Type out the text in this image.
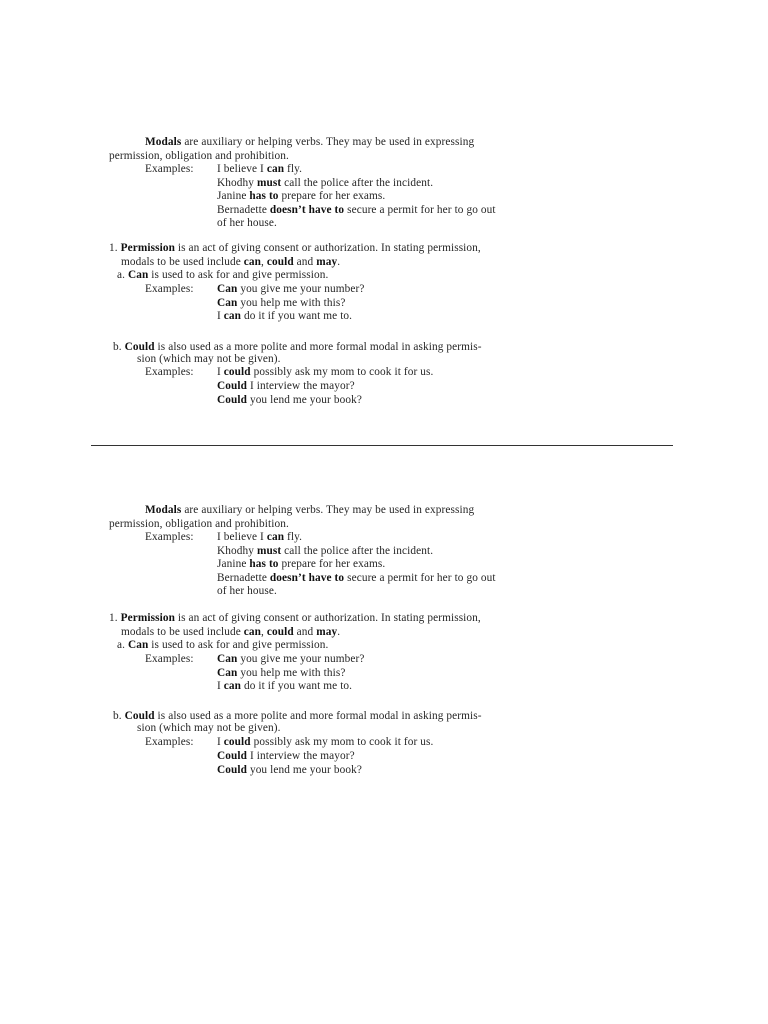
Modals are auxiliary or helping verbs. They may be used in expressing
permission, obligation and prohibition.
Examples: I believe I can fly.
Khodhy must call the police after the incident.
Janine has to prepare for her exams.
Bernadette doesn’t have to secure a permit for her to go out
of her house.
1. Permission is an act of giving consent or authorization. In stating permission,
modals to be used include can, could and may.
a. Can is used to ask for and give permission.
Examples: Can you give me your number?
Can you help me with this?
I can do it if you want me to.
b. Could is also used as a more polite and more formal modal in asking permis-
sion (which may not be given).
Examples: I could possibly ask my mom to cook it for us.
Could I interview the mayor?
Could you lend me your book?
Modals are auxiliary or helping verbs. They may be used in expressing
permission, obligation and prohibition.
Examples: I believe I can fly.
Khodhy must call the police after the incident.
Janine has to prepare for her exams.
Bernadette doesn’t have to secure a permit for her to go out
of her house.
1. Permission is an act of giving consent or authorization. In stating permission,
modals to be used include can, could and may.
a. Can is used to ask for and give permission.
Examples: Can you give me your number?
Can you help me with this?
I can do it if you want me to.
b. Could is also used as a more polite and more formal modal in asking permis-
sion (which may not be given).
Examples: I could possibly ask my mom to cook it for us.
Could I interview the mayor?
Could you lend me your book?
